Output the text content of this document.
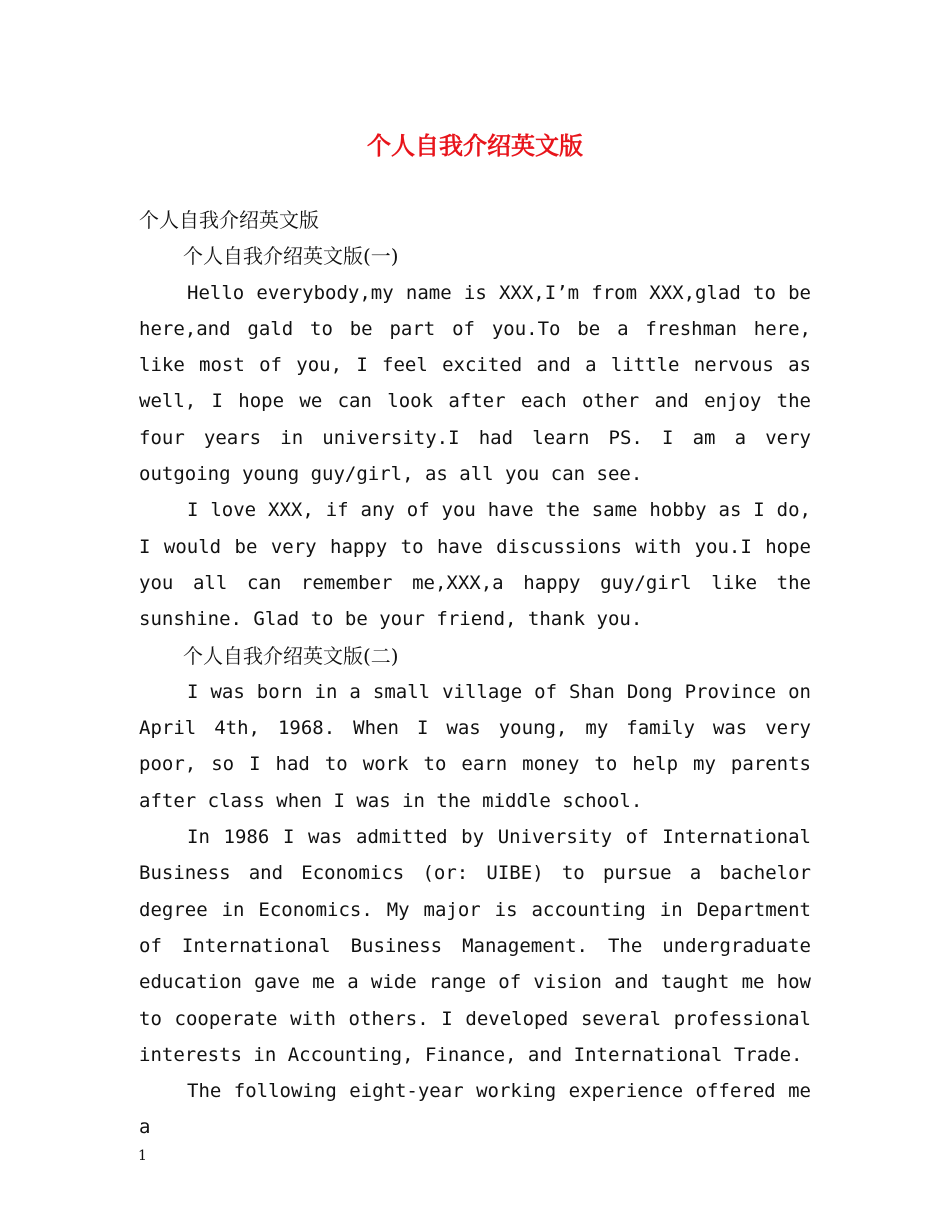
个人自我介绍英文版

个人自我介绍英文版

个人自我介绍英文版(一)

Hello everybody,my name is XXX,I’m from XXX,glad to be here,and gald to be part of you.To be a freshman here, like most of you, I feel excited and a little nervous as well, I hope we can look after each other and enjoy the four years in university.I had learn PS. I am a very outgoing young guy/girl, as all you can see.

I love XXX, if any of you have the same hobby as I do, I would be very happy to have discussions with you.I hope you all can remember me,XXX,a happy guy/girl like the sunshine. Glad to be your friend, thank you.

个人自我介绍英文版(二)

I was born in a small village of Shan Dong Province on April 4th, 1968. When I was young, my family was very poor, so I had to work to earn money to help my parents after class when I was in the middle school.

In 1986 I was admitted by University of International Business and Economics (or: UIBE) to pursue a bachelor degree in Economics. My major is accounting in Department of International Business Management. The undergraduate education gave me a wide range of vision and taught me how to cooperate with others. I developed several professional interests in Accounting, Finance, and International Trade.

The following eight-year working experience offered me a

1
